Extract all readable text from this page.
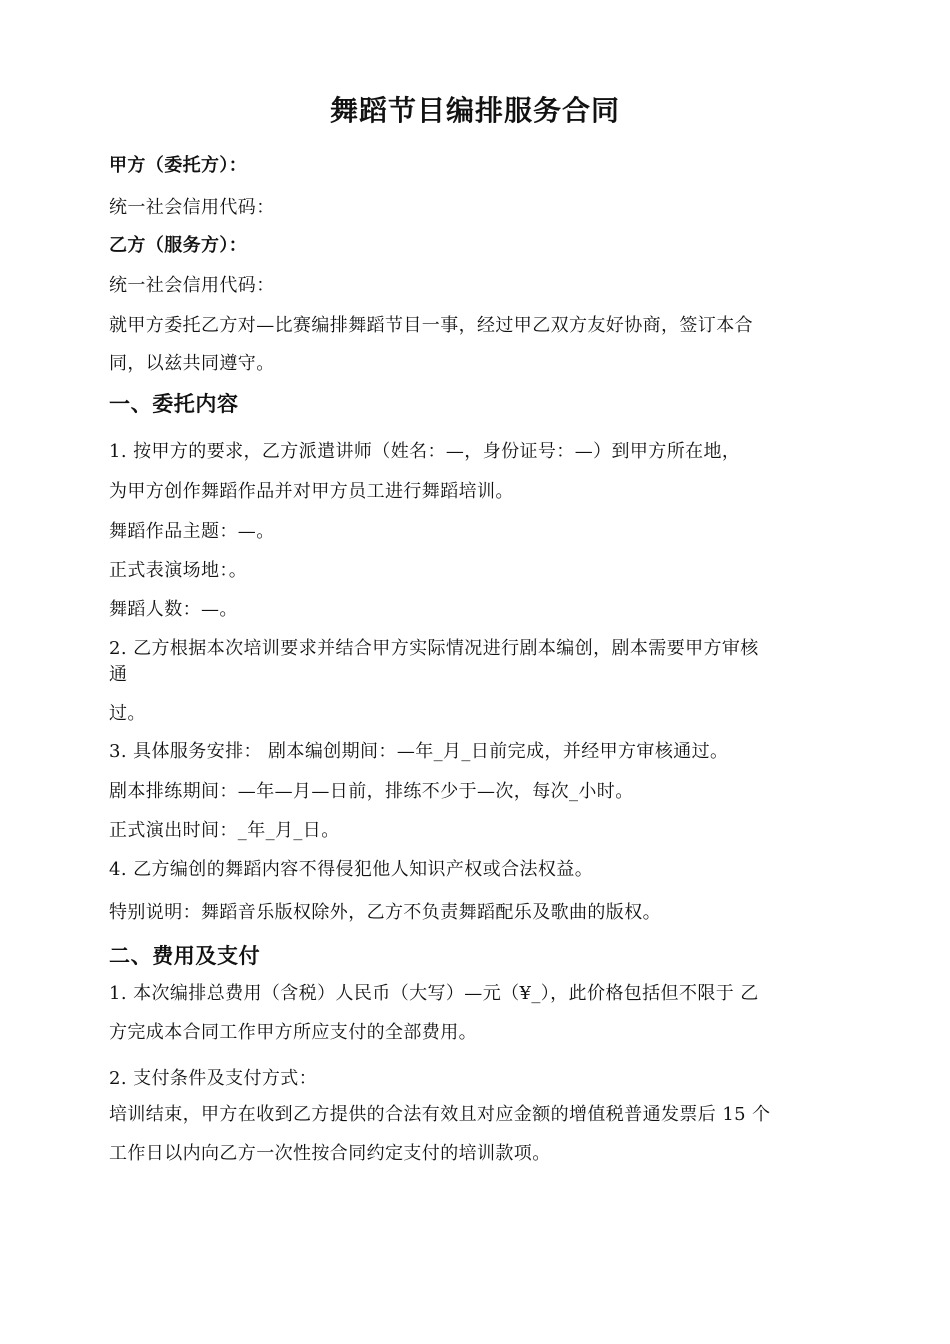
舞蹈节目编排服务合同
甲方（委托方）：
统一社会信用代码：
乙方（服务方）：
统一社会信用代码：
就甲方委托乙方对—比赛编排舞蹈节目一事，经过甲乙双方友好协商，签订本合
同，以兹共同遵守。
一、委托内容
1. 按甲方的要求，乙方派遣讲师（姓名：—，身份证号：—）到甲方所在地，
为甲方创作舞蹈作品并对甲方员工进行舞蹈培训。
舞蹈作品主题：—。
正式表演场地：。
舞蹈人数：—。
2. 乙方根据本次培训要求并结合甲方实际情况进行剧本编创，剧本需要甲方审核
通
过。
3. 具体服务安排： 剧本编创期间：—年_月_日前完成，并经甲方审核通过。
剧本排练期间：—年—月—日前，排练不少于—次，每次_小时。
正式演出时间：_年_月_日。
4. 乙方编创的舞蹈内容不得侵犯他人知识产权或合法权益。
特别说明：舞蹈音乐版权除外，乙方不负责舞蹈配乐及歌曲的版权。
二、费用及支付
1. 本次编排总费用（含税）人民币（大写）—元（¥_），此价格包括但不限于 乙
方完成本合同工作甲方所应支付的全部费用。
2. 支付条件及支付方式：
培训结束，甲方在收到乙方提供的合法有效且对应金额的增值税普通发票后 15 个
工作日以内向乙方一次性按合同约定支付的培训款项。
